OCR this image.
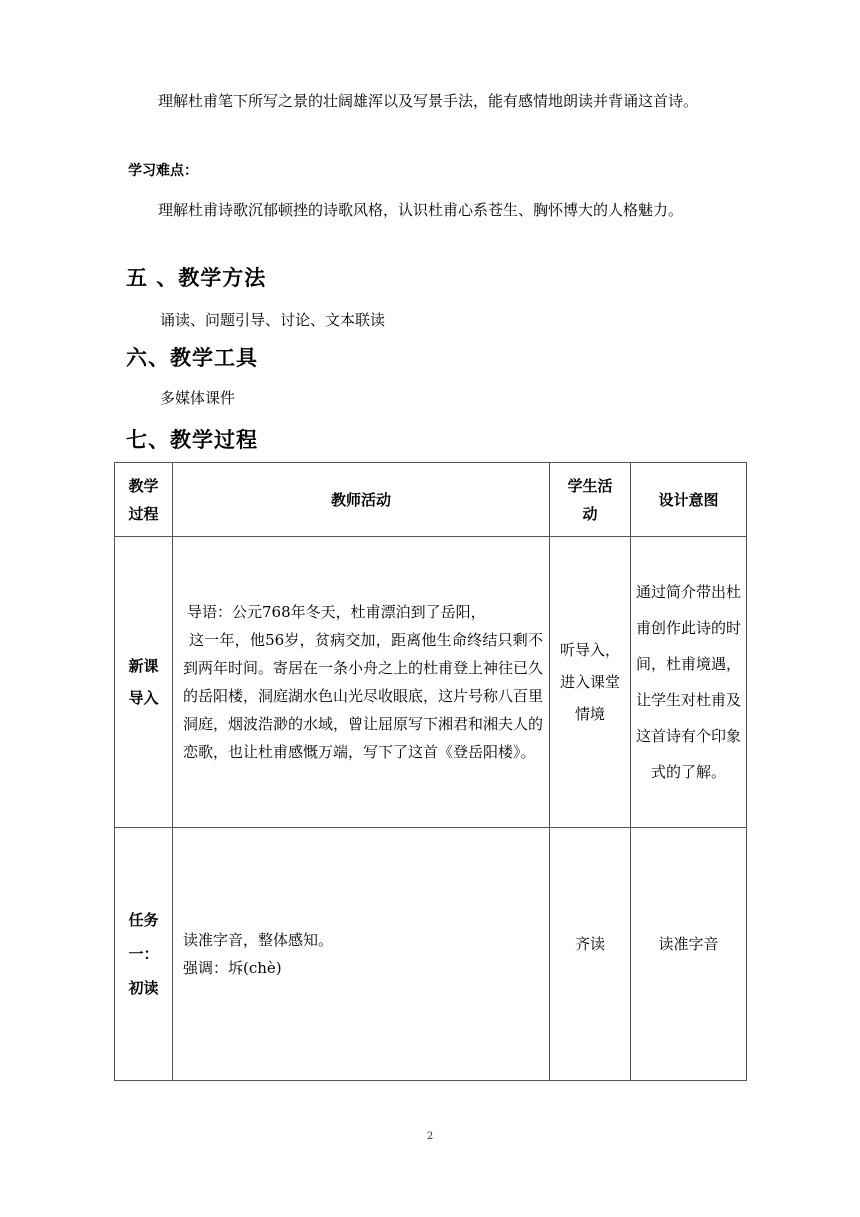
理解杜甫笔下所写之景的壮阔雄浑以及写景手法，能有感情地朗读并背诵这首诗。
学习难点：
理解杜甫诗歌沉郁顿挫的诗歌风格，认识杜甫心系苍生、胸怀博大的人格魅力。
五 、教学方法
诵读、问题引导、讨论、文本联读
六、教学工具
多媒体课件
七、教学过程
教学过程	教师活动	学生活动	设计意图

新课导入	导语：公元768年冬天，杜甫漂泊到了岳阳，
这一年，他56岁，贫病交加，距离他生命终结只剩不到两年时间。寄居在一条小舟之上的杜甫登上神往已久的岳阳楼，洞庭湖水色山光尽收眼底，这片号称八百里洞庭，烟波浩渺的水域，曾让屈原写下湘君和湘夫人的恋歌，也让杜甫感慨万端，写下了这首《登岳阳楼》。	听导入，进入课堂情境	通过简介带出杜甫创作此诗的时间，杜甫境遇，让学生对杜甫及这首诗有个印象式的了解。

任务一：初读	读准字音，整体感知。
强调：坼(chè)	齐读	读准字音
2
